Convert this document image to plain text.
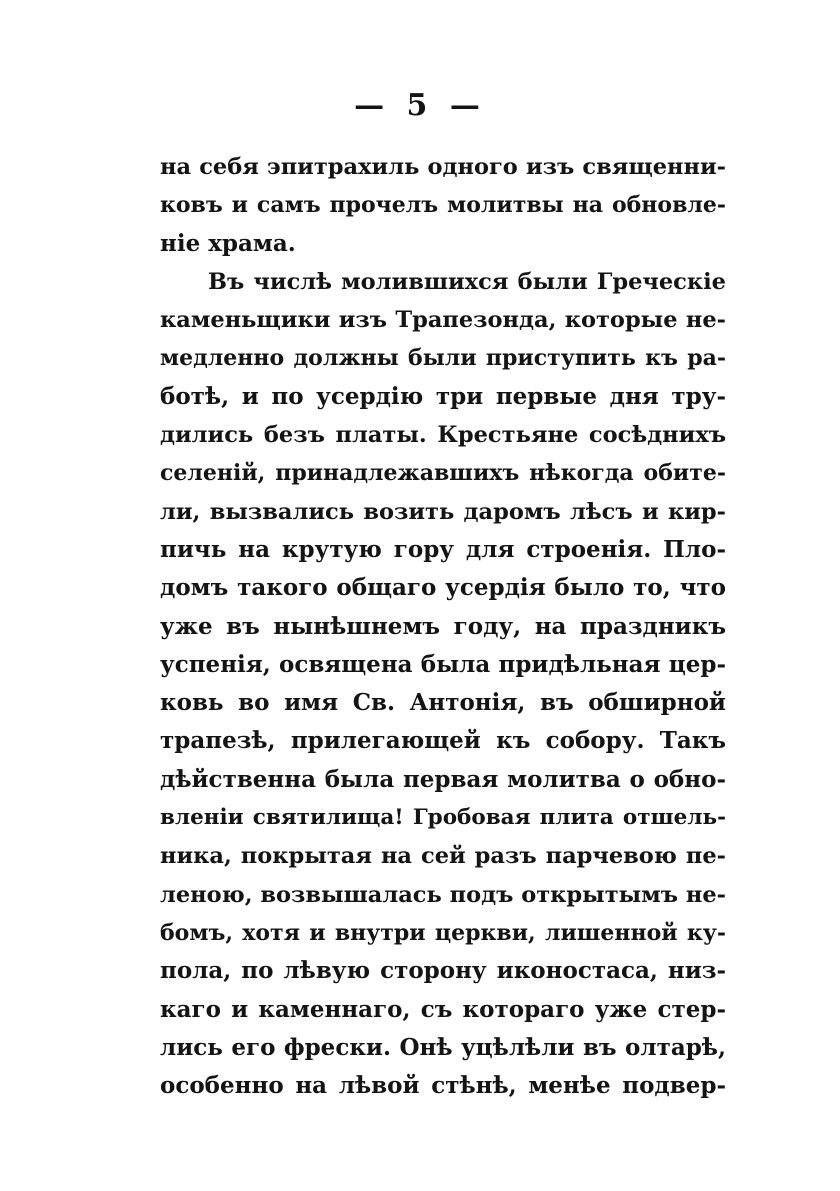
— 5 —
на себя эпитрахиль одного изъ священни-
ковъ и самъ прочелъ молитвы на обновле-
ніе храма.
Въ числѣ молившихся были Греческіе
каменьщики изъ Трапезонда, которые не-
медленно должны были приступить къ ра-
ботѣ, и по усердію три первые дня тру-
дились безъ платы. Крестьяне сосѣднихъ
селеній, принадлежавшихъ нѣкогда обите-
ли, вызвались возить даромъ лѣсъ и кир-
пичь на крутую гору для строенія. Пло-
домъ такого общаго усердія было то, что
уже въ нынѣшнемъ году, на праздникъ
успенія, освящена была придѣльная цер-
ковь во имя Св. Антонія, въ обширной
трапезѣ, прилегающей къ собору. Такъ
дѣйственна была первая молитва о обно-
вленіи святилища! Гробовая плита отшель-
ника, покрытая на сей разъ парчевою пе-
леною, возвышалась подъ открытымъ не-
бомъ, хотя и внутри церкви, лишенной ку-
пола, по лѣвую сторону иконостаса, низ-
каго и каменнаго, съ котораго уже стер-
лись его фрески. Онѣ уцѣлѣли въ олтарѣ,
особенно на лѣвой стѣнѣ, менѣе подвер-
